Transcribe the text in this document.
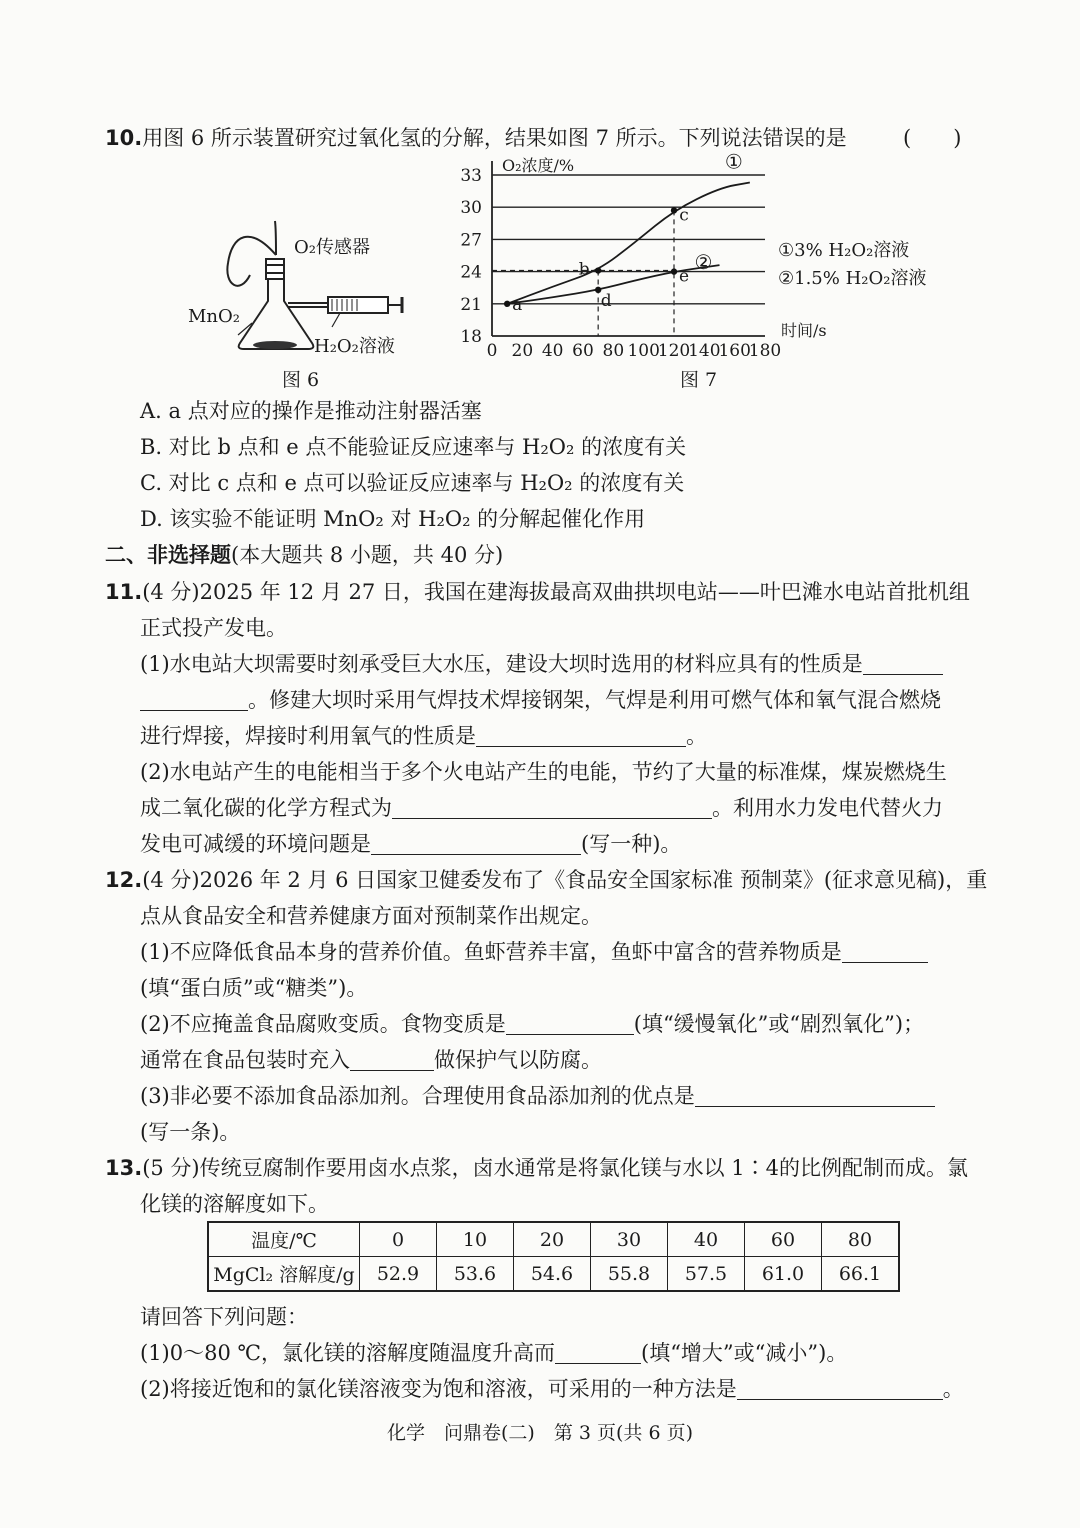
10.用图 6 所示装置研究过氧化氢的分解，结果如图 7 所示。下列说法错误的是	(　　)
O₂传感器
MnO₂
H₂O₂溶液
图 6
18
21
24
27
30
33
0 20 40 60 80 100
120
140
160
180
O₂浓度/%
时间/s
①
②
a
b
c
d
e
①3% H₂O₂溶液
②1.5% H₂O₂溶液
图 7
A. a 点对应的操作是推动注射器活塞
B. 对比 b 点和 e 点不能验证反应速率与 H₂O₂ 的浓度有关
C. 对比 c 点和 e 点可以验证反应速率与 H₂O₂ 的浓度有关
D. 该实验不能证明 MnO₂ 对 H₂O₂ 的分解起催化作用
二、非选择题(本大题共 8 小题，共 40 分)
11.(4 分)2025 年 12 月 27 日，我国在建海拔最高双曲拱坝电站——叶巴滩水电站首批机组
正式投产发电。
(1)水电站大坝需要时刻承受巨大水压，建设大坝时选用的材料应具有的性质是
。修建大坝时采用气焊技术焊接钢架，气焊是利用可燃气体和氧气混合燃烧
进行焊接，焊接时利用氧气的性质是	。
(2)水电站产生的电能相当于多个火电站产生的电能，节约了大量的标准煤，煤炭燃烧生
成二氧化碳的化学方程式为	。利用水力发电代替火力
发电可减缓的环境问题是	(写一种)。
12.(4 分)2026 年 2 月 6 日国家卫健委发布了《食品安全国家标准 预制菜》(征求意见稿)，重
点从食品安全和营养健康方面对预制菜作出规定。
(1)不应降低食品本身的营养价值。鱼虾营养丰富，鱼虾中富含的营养物质是
(填“蛋白质”或“糖类”)。
(2)不应掩盖食品腐败变质。食物变质是	(填“缓慢氧化”或“剧烈氧化”)；
通常在食品包装时充入	做保护气以防腐。
(3)非必要不添加食品添加剂。合理使用食品添加剂的优点是
(写一条)。
13.(5 分)传统豆腐制作要用卤水点浆，卤水通常是将氯化镁与水以 1∶4的比例配制而成。氯
化镁的溶解度如下。
温度/℃	0	10	20	30	40	60	80
MgCl₂ 溶解度/g	52.9	53.6	54.6	55.8	57.5	61.0	66.1
请回答下列问题：
(1)0～80 ℃，氯化镁的溶解度随温度升高而	(填“增大”或“减小”)。
(2)将接近饱和的氯化镁溶液变为饱和溶液，可采用的一种方法是	。
化学　问鼎卷(二)　第 3 页(共 6 页)
